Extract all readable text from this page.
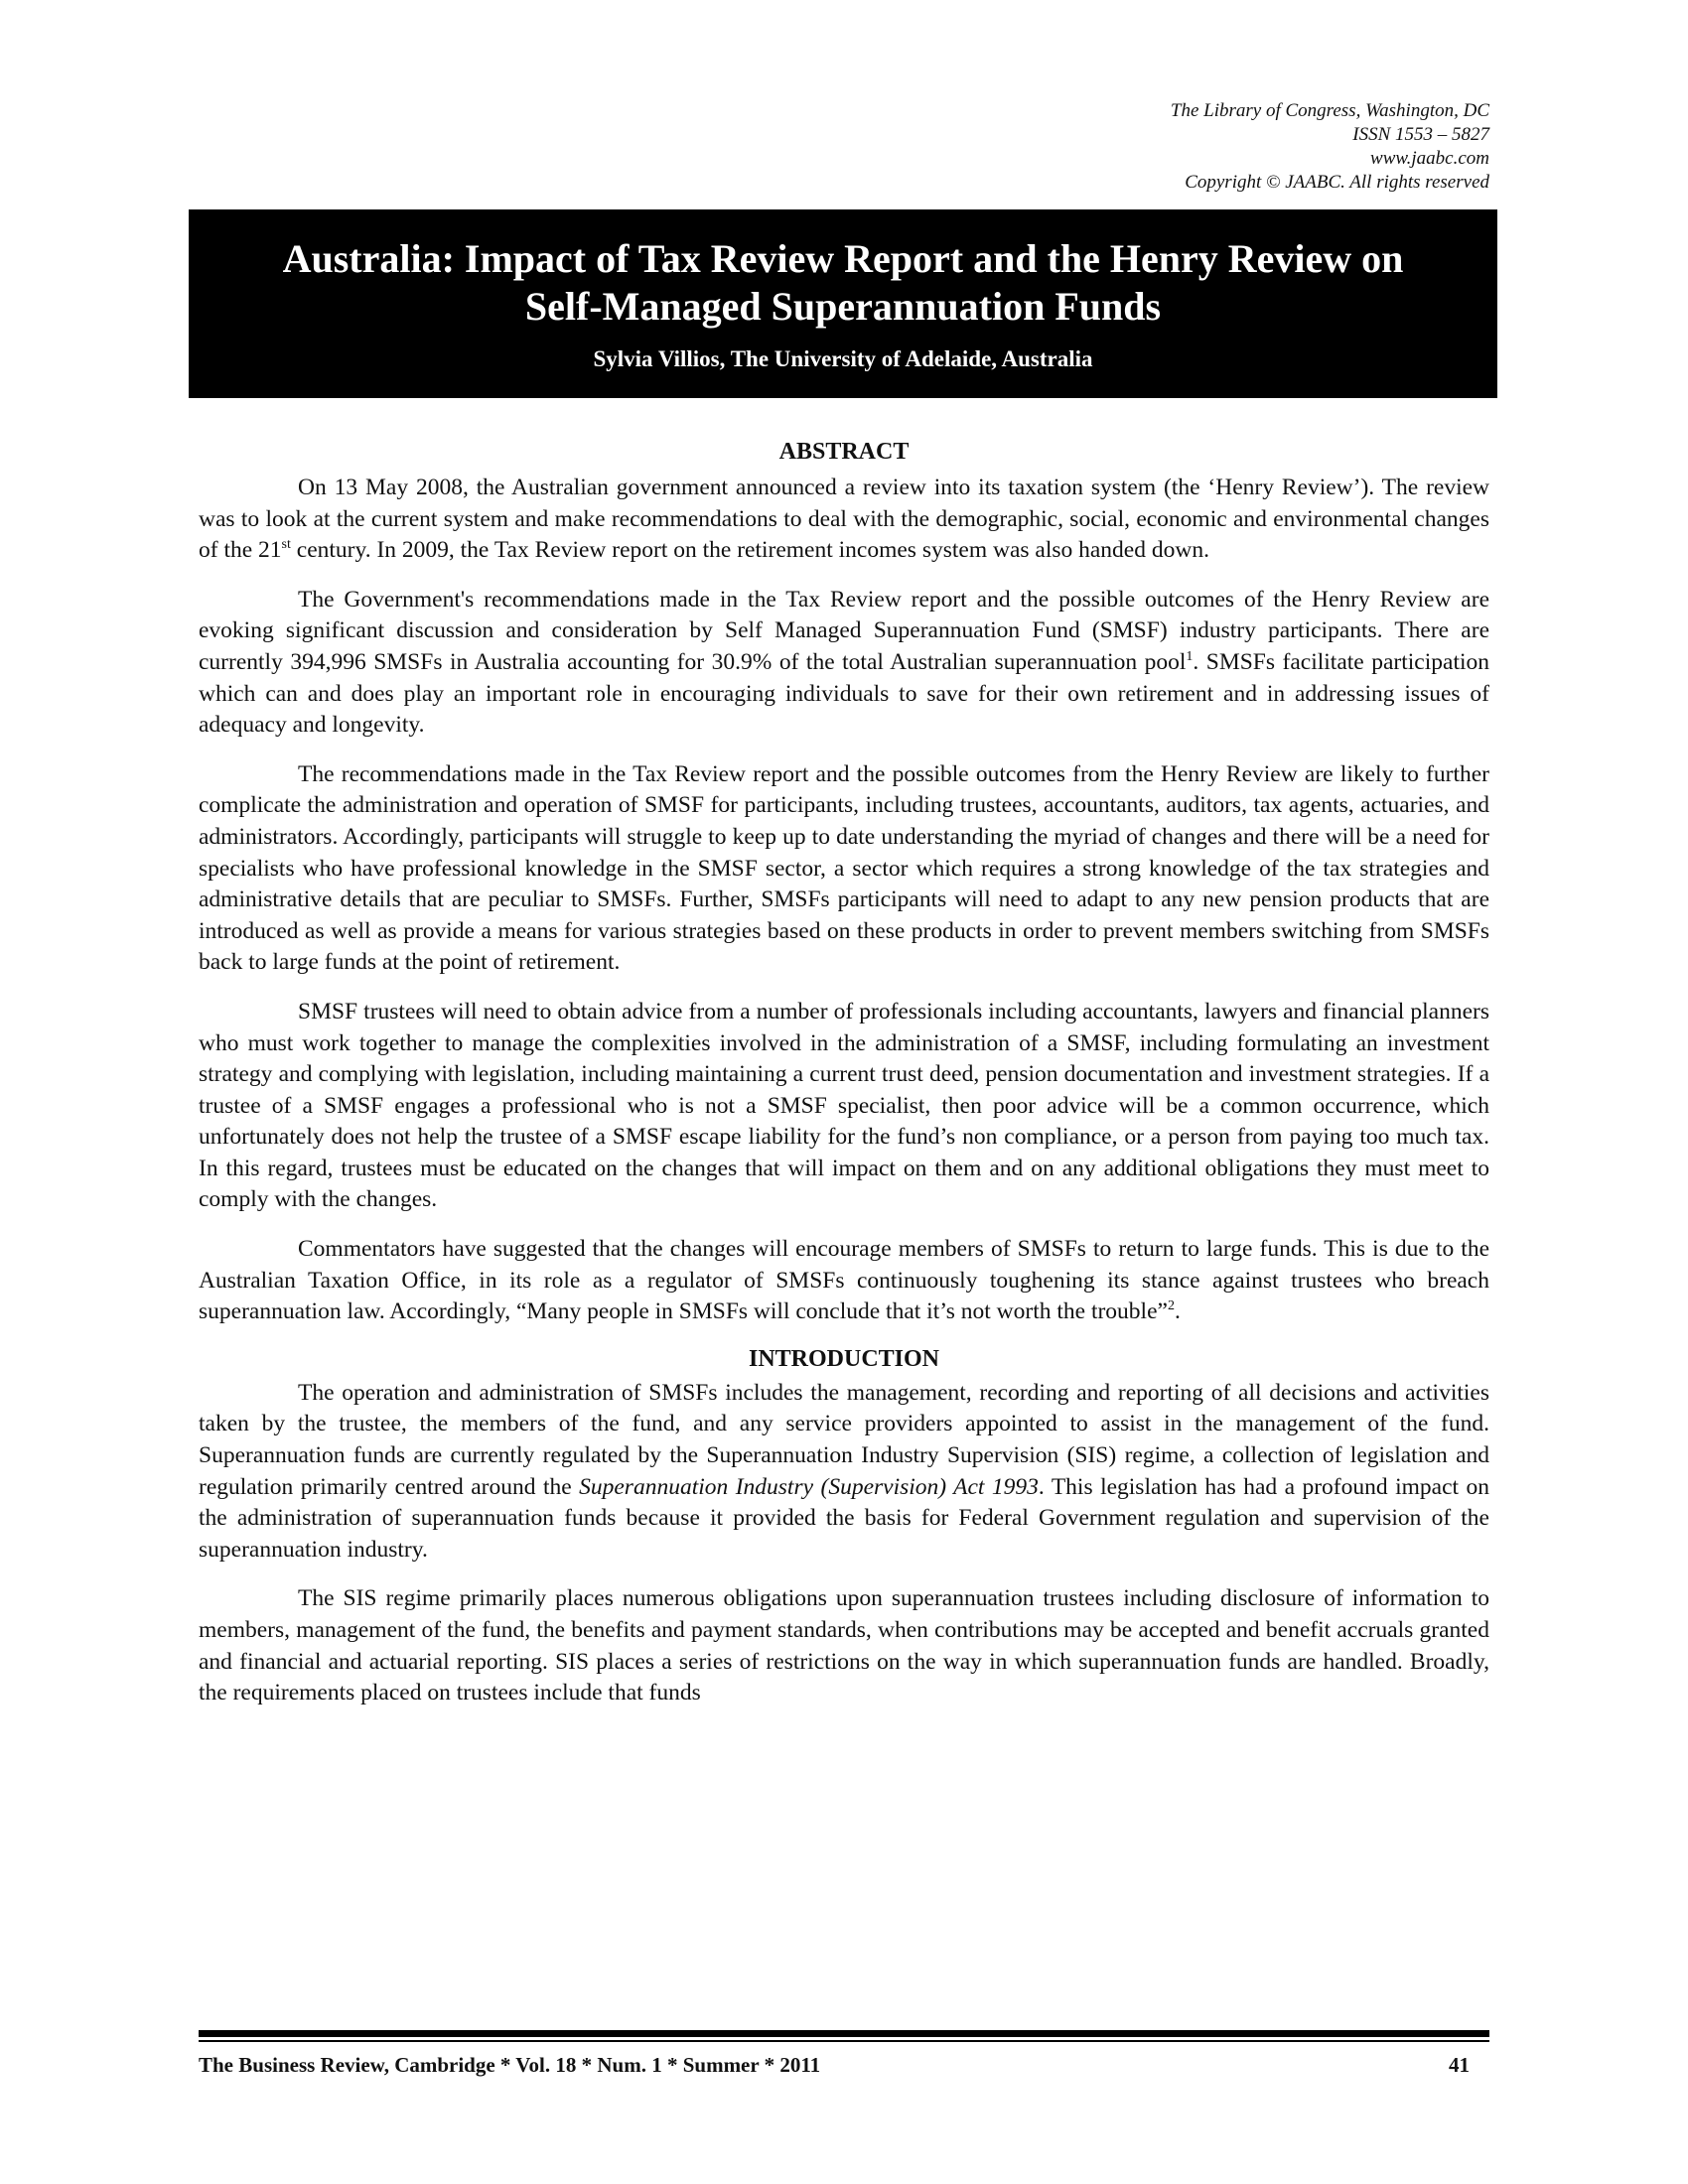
The Library of Congress, Washington, DC
ISSN 1553 – 5827
www.jaabc.com
Copyright © JAABC. All rights reserved
Australia: Impact of Tax Review Report and the Henry Review on
Self-Managed Superannuation Funds
Sylvia Villios, The University of Adelaide, Australia
ABSTRACT

On 13 May 2008, the Australian government announced a review into its taxation system (the ‘Henry Review’). The review was to look at the current system and make recommendations to deal with the demographic, social, economic and environmental changes of the 21st century. In 2009, the Tax Review report on the retirement incomes system was also handed down.

The Government's recommendations made in the Tax Review report and the possible outcomes of the Henry Review are evoking significant discussion and consideration by Self Managed Superannuation Fund (SMSF) industry participants. There are currently 394,996 SMSFs in Australia accounting for 30.9% of the total Australian superannuation pool$^1$. SMSFs facilitate participation which can and does play an important role in encouraging individuals to save for their own retirement and in addressing issues of adequacy and longevity.

The recommendations made in the Tax Review report and the possible outcomes from the Henry Review are likely to further complicate the administration and operation of SMSF for participants, including trustees, accountants, auditors, tax agents, actuaries, and administrators. Accordingly, participants will struggle to keep up to date understanding the myriad of changes and there will be a need for specialists who have professional knowledge in the SMSF sector, a sector which requires a strong knowledge of the tax strategies and administrative details that are peculiar to SMSFs. Further, SMSFs participants will need to adapt to any new pension products that are introduced as well as provide a means for various strategies based on these products in order to prevent members switching from SMSFs back to large funds at the point of retirement.

SMSF trustees will need to obtain advice from a number of professionals including accountants, lawyers and financial planners who must work together to manage the complexities involved in the administration of a SMSF, including formulating an investment strategy and complying with legislation, including maintaining a current trust deed, pension documentation and investment strategies. If a trustee of a SMSF engages a professional who is not a SMSF specialist, then poor advice will be a common occurrence, which unfortunately does not help the trustee of a SMSF escape liability for the fund’s non compliance, or a person from paying too much tax. In this regard, trustees must be educated on the changes that will impact on them and on any additional obligations they must meet to comply with the changes.

Commentators have suggested that the changes will encourage members of SMSFs to return to large funds. This is due to the Australian Taxation Office, in its role as a regulator of SMSFs continuously toughening its stance against trustees who breach superannuation law. Accordingly, “Many people in SMSFs will conclude that it’s not worth the trouble”$^2$.

INTRODUCTION

The operation and administration of SMSFs includes the management, recording and reporting of all decisions and activities taken by the trustee, the members of the fund, and any service providers appointed to assist in the management of the fund. Superannuation funds are currently regulated by the Superannuation Industry Supervision (SIS) regime, a collection of legislation and regulation primarily centred around the Superannuation Industry (Supervision) Act 1993. This legislation has had a profound impact on the administration of superannuation funds because it provided the basis for Federal Government regulation and supervision of the superannuation industry.

The SIS regime primarily places numerous obligations upon superannuation trustees including disclosure of information to members, management of the fund, the benefits and payment standards, when contributions may be accepted and benefit accruals granted and financial and actuarial reporting. SIS places a series of restrictions on the way in which superannuation funds are handled. Broadly, the requirements placed on trustees include that funds

The Business Review, Cambridge * Vol. 18 * Num. 1 * Summer * 2011	41
